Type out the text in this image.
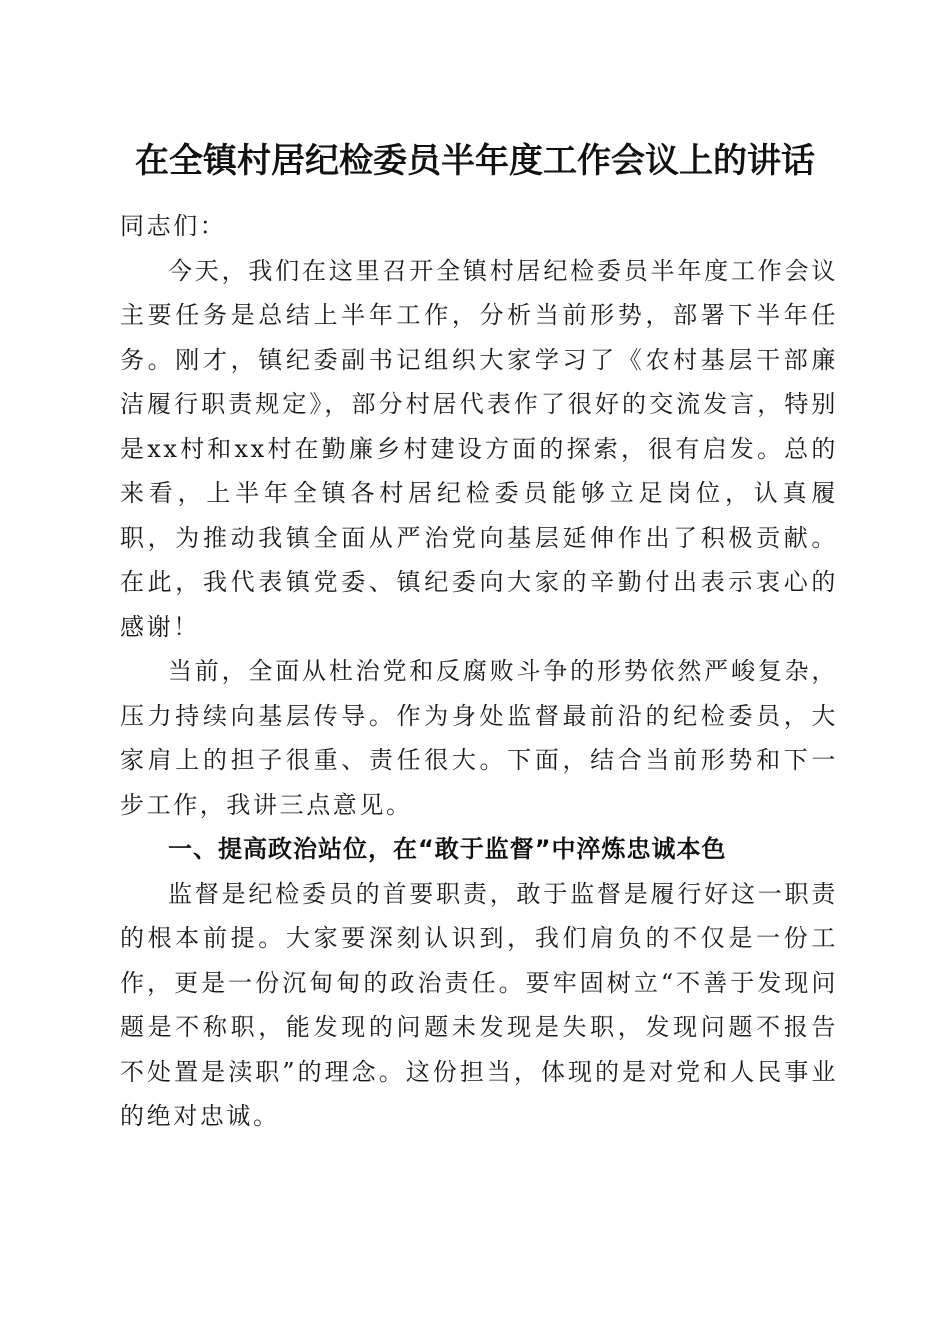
在全镇村居纪检委员半年度工作会议上的讲话

同志们：

今天，我们在这里召开全镇村居纪检委员半年度工作会议主要任务是总结上半年工作，分析当前形势，部署下半年任务。刚才，镇纪委副书记组织大家学习了《农村基层干部廉洁履行职责规定》，部分村居代表作了很好的交流发言，特别是xx村和xx村在勤廉乡村建设方面的探索，很有启发。总的来看，上半年全镇各村居纪检委员能够立足岗位，认真履职，为推动我镇全面从严治党向基层延伸作出了积极贡献。在此，我代表镇党委、镇纪委向大家的辛勤付出表示衷心的感谢！

当前，全面从杜治党和反腐败斗争的形势依然严峻复杂，压力持续向基层传导。作为身处监督最前沿的纪检委员，大家肩上的担子很重、责任很大。下面，结合当前形势和下一步工作，我讲三点意见。

一、提高政治站位，在“敢于监督”中淬炼忠诚本色

监督是纪检委员的首要职责，敢于监督是履行好这一职责的根本前提。大家要深刻认识到，我们肩负的不仅是一份工作，更是一份沉甸甸的政治责任。要牢固树立“不善于发现问题是不称职，能发现的问题未发现是失职，发现问题不报告不处置是渎职”的理念。这份担当，体现的是对党和人民事业的绝对忠诚。
